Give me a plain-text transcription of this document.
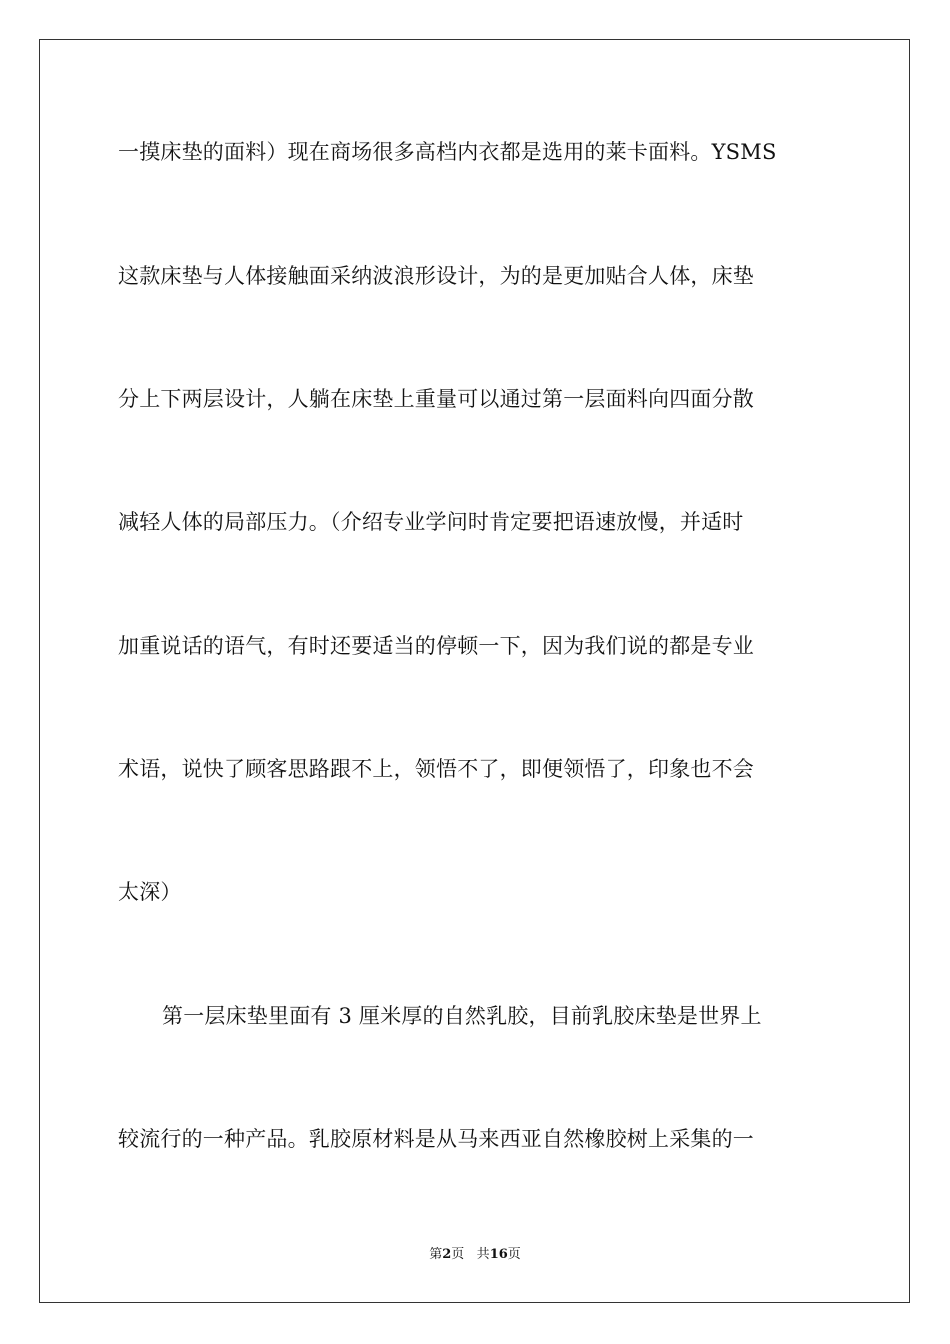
一摸床垫的面料）现在商场很多高档内衣都是选用的莱卡面料。YSMS
这款床垫与人体接触面采纳波浪形设计，为的是更加贴合人体，床垫
分上下两层设计，人躺在床垫上重量可以通过第一层面料向四面分散
减轻人体的局部压力。（介绍专业学问时肯定要把语速放慢，并适时
加重说话的语气，有时还要适当的停顿一下，因为我们说的都是专业
术语，说快了顾客思路跟不上，领悟不了，即便领悟了，印象也不会
太深）
第一层床垫里面有 3 厘米厚的自然乳胶，目前乳胶床垫是世界上
较流行的一种产品。乳胶原材料是从马来西亚自然橡胶树上采集的一
第2页 共16页
